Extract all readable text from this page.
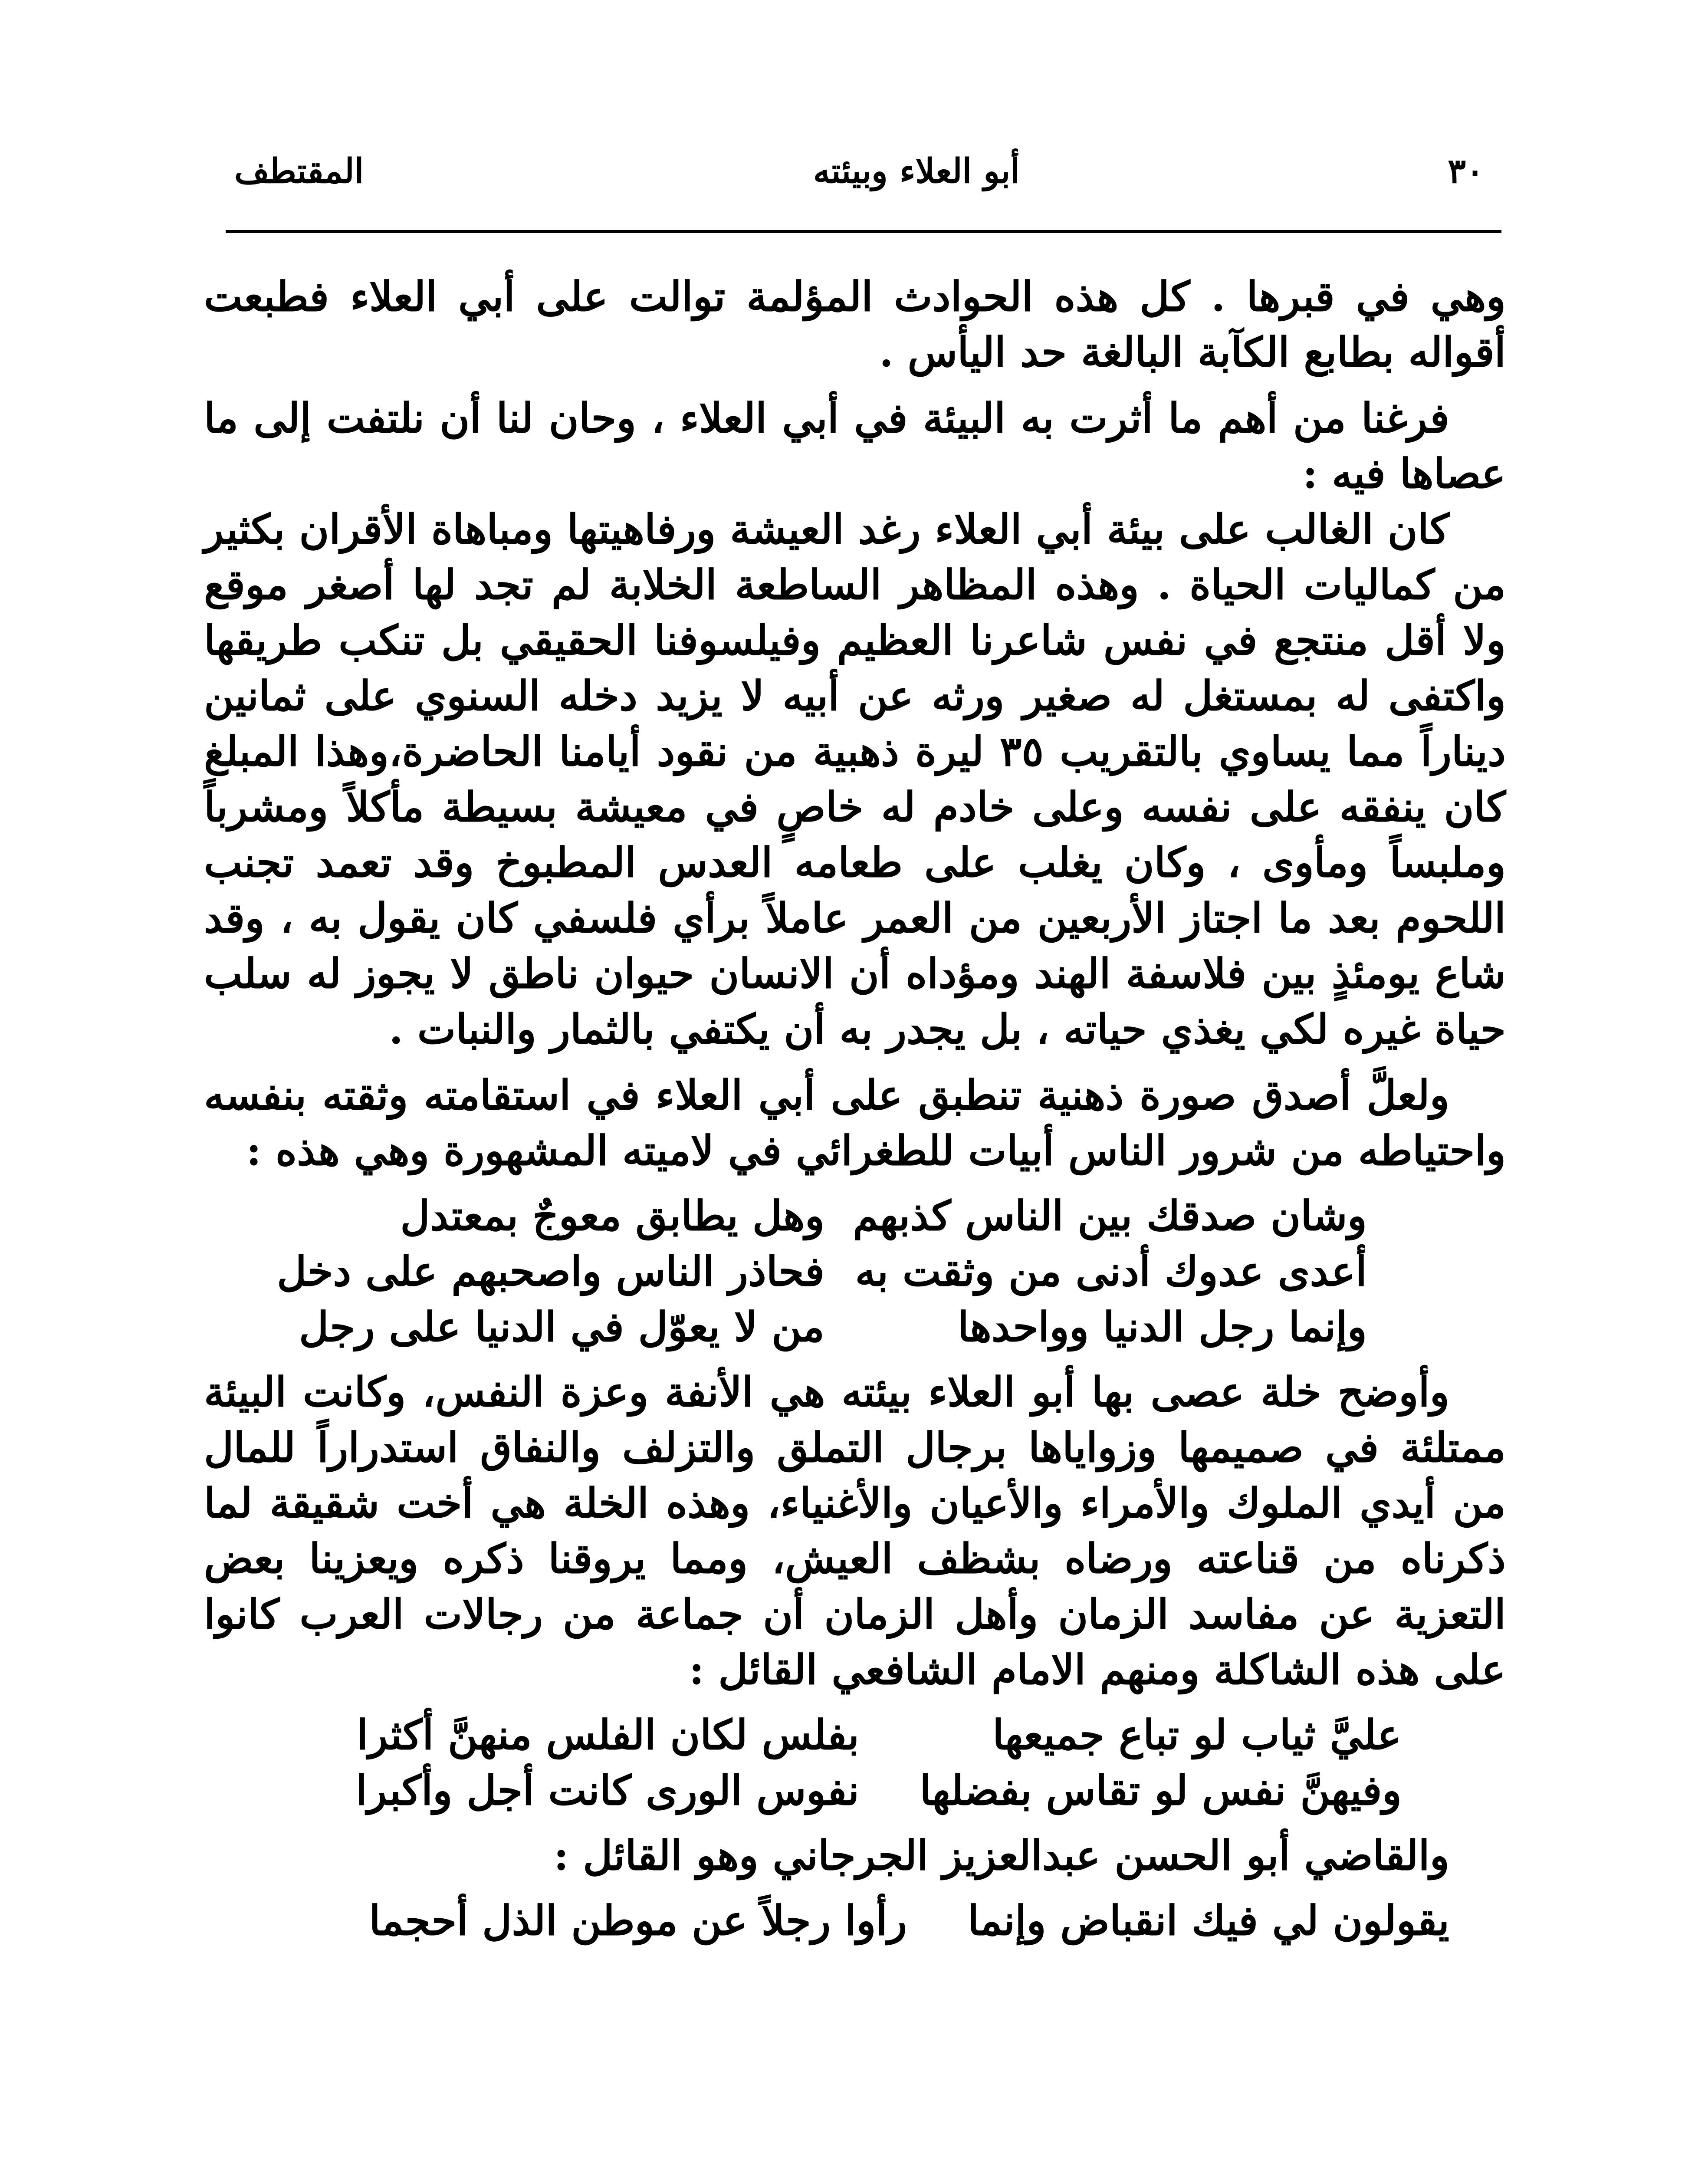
٣٠
أبو العلاء وبيئته
المقتطف

وهي في قبرها . كل هذه الحوادث المؤلمة توالت على أبي العلاء فطبعت أقواله بطابع الكآبة البالغة حد اليأس .

فرغنا من أهم ما أثرت به البيئة في أبي العلاء ، وحان لنا أن نلتفت إلى ما عصاها فيه :

كان الغالب على بيئة أبي العلاء رغد العيشة ورفاهيتها ومباهاة الأقران بكثير من كماليات الحياة . وهذه المظاهر الساطعة الخلابة لم تجد لها أصغر موقع ولا أقل منتجع في نفس شاعرنا العظيم وفيلسوفنا الحقيقي بل تنكب طريقها واكتفى له بمستغل له صغير ورثه عن أبيه لا يزيد دخله السنوي على ثمانين ديناراً مما يساوي بالتقريب ٣٥ ليرة ذهبية من نقود أيامنا الحاضرة،وهذا المبلغ كان ينفقه على نفسه وعلى خادم له خاصٍ في معيشة بسيطة مأكلاً ومشرباً وملبساً ومأوى ، وكان يغلب على طعامه العدس المطبوخ وقد تعمد تجنب اللحوم بعد ما اجتاز الأربعين من العمر عاملاً برأي فلسفي كان يقول به ، وقد شاع يومئذٍ بين فلاسفة الهند ومؤداه أن الانسان حيوان ناطق لا يجوز له سلب حياة غيره لكي يغذي حياته ، بل يجدر به أن يكتفي بالثمار والنبات .

ولعلَّ أصدق صورة ذهنية تنطبق على أبي العلاء في استقامته وثقته بنفسه واحتياطه من شرور الناس أبيات للطغرائي في لاميته المشهورة وهي هذه :

وشان صدقك بين الناس كذبهم
وهل يطابق معوجٌ بمعتدل
أعدى عدوك أدنى من وثقت به
فحاذر الناس واصحبهم على دخل
وإنما رجل الدنيا وواحدها
من لا يعوّل في الدنيا على رجل

وأوضح خلة عصى بها أبو العلاء بيئته هي الأنفة وعزة النفس، وكانت البيئة ممتلئة في صميمها وزواياها برجال التملق والتزلف والنفاق استدراراً للمال من أيدي الملوك والأمراء والأعيان والأغنياء، وهذه الخلة هي أخت شقيقة لما ذكرناه من قناعته ورضاه بشظف العيش، ومما يروقنا ذكره ويعزينا بعض التعزية عن مفاسد الزمان وأهل الزمان أن جماعة من رجالات العرب كانوا على هذه الشاكلة ومنهم الامام الشافعي القائل :

عليَّ ثياب لو تباع جميعها
بفلس لكان الفلس منهنَّ أكثرا
وفيهنَّ نفس لو تقاس بفضلها
نفوس الورى كانت أجل وأكبرا

والقاضي أبو الحسن عبدالعزيز الجرجاني وهو القائل :

يقولون لي فيك انقباض وإنما
رأوا رجلاً عن موطن الذل أحجما
